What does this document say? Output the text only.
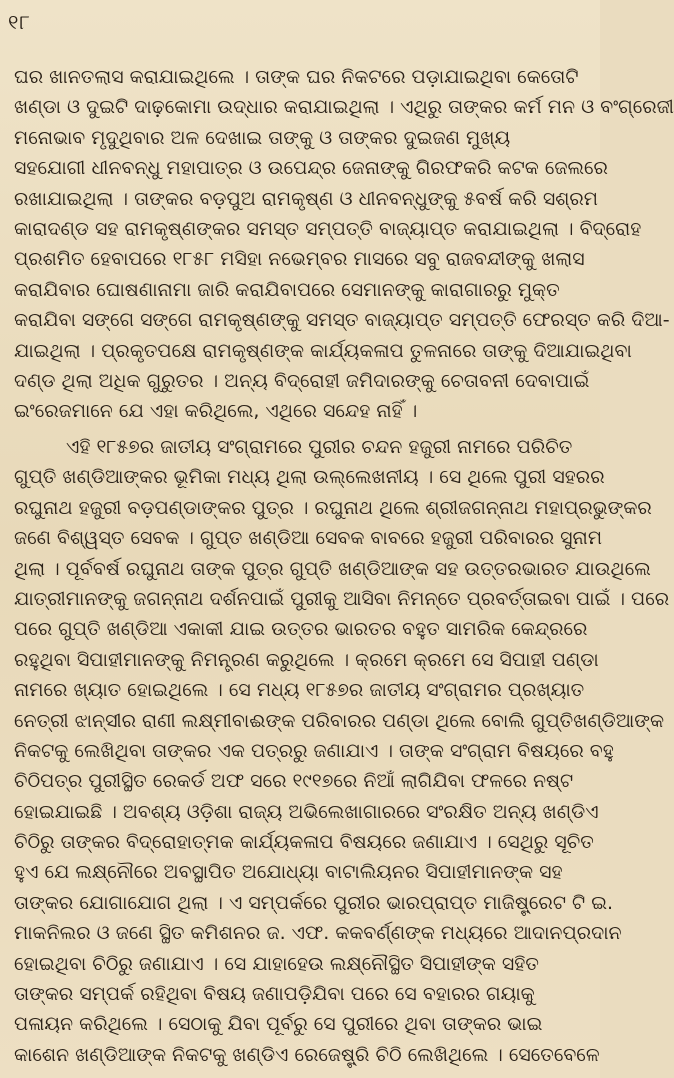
୧୮
ଘର ଖାନତଲାସ କରାଯାଇଥିଲେ । ତାଙ୍କ ଘର ନିକଟରେ ପଡ଼ାଯାଇଥିବା କେତୋଟି
ଖଣ୍ଡା ଓ ଦୁଇଟି ଦାଢ଼କୋମା ଉଦ୍ଧାର କରାଯାଇଥିଲା । ଏଥିରୁ ତାଙ୍କର କର୍ମ ମନ ଓ ବଂଗ୍ରେଜୀ
ମନୋଭାବ ମୃଦୁଥିବାର ଅଳ ଦେଖାଇ ତାଙ୍କୁ ଓ ତାଙ୍କର ଦୁଇଜଣ ମୁଖ୍ୟ
ସହଯୋଗୀ ଧୀନବନ୍ଧୁ ମହାପାତ୍ର ଓ ଉପେନ୍ଦ୍ର ଜେନାଙ୍କୁ ଗିରଫକରି କଟକ ଜେଲରେ
ରଖାଯାଇଥିଲା । ତାଙ୍କର ବଡ଼ପୁଅ ରାମକୃଷ୍ଣ ଓ ଧୀନବନ୍ଧୁଙ୍କୁ ୫ବର୍ଷ କରି ସଶ୍ରମ
କାରାଦଣ୍ଡ ସହ ରାମକୃଷ୍ଣଙ୍କର ସମସ୍ତ ସମ୍ପତ୍ତି ବାଜ୍ୟାପ୍ତ କରାଯାଇଥିଲା । ବିଦ୍ରୋହ
ପ୍ରଶମିତ ହେବାପରେ ୧୮୫୮ ମସିହା ନଭେମ୍ବର ମାସରେ ସବୁ ରାଜବନ୍ଦୀଙ୍କୁ ଖଲାସ
କରାଯିବାର ଘୋଷଣାନାମା ଜାରି କରାଯିବାପରେ ସେମାନଙ୍କୁ କାରାଗାରରୁ ମୁକ୍ତ
କରାଯିବା ସଙ୍ଗେ ସଙ୍ଗେ ରାମକୃଷ୍ଣଙ୍କୁ ସମସ୍ତ ବାଜ୍ୟାପ୍ତ ସମ୍ପତ୍ତି ଫେରସ୍ତ କରି ଦିଆ-
ଯାଇଥିଲା । ପ୍ରକୃତପକ୍ଷେ ରାମକୃଷ୍ଣଙ୍କ କାର୍ଯ୍ୟକଳାପ ତୁଳନାରେ ତାଙ୍କୁ ଦିଆଯାଇଥିବା
ଦଣ୍ଡ ଥିଲା ଅଧିକ ଗୁରୁତର । ଅନ୍ୟ ବିଦ୍ରୋହୀ ଜମିଦାରଙ୍କୁ ଚେତାବନୀ ଦେବାପାଇଁ
ଇଂରେଜମାନେ ଯେ ଏହା କରିଥିଲେ, ଏଥିରେ ସନ୍ଦେହ ନାହିଁ ।
ଏହି ୧୮୫୭ର ଜାତୀୟ ସଂଗ୍ରାମରେ ପୁରୀର ଚନ୍ଦନ ହଜୁରୀ ନାମରେ ପରିଚିତ
ଗୁପ୍ତି ଖଣ୍ଡିଆଙ୍କର ଭୂମିକା ମଧ୍ୟ ଥିଲା ଉଲ୍ଲେଖନୀୟ । ସେ ଥିଲେ ପୁରୀ ସହରର
ରଘୁନାଥ ହଜୁରୀ ବଡ଼ପଣ୍ଡାଙ୍କର ପୁତ୍ର । ରଘୁନାଥ ଥିଲେ ଶ୍ରୀଜଗନ୍ନାଥ ମହାପ୍ରଭୁଙ୍କର
ଜଣେ ବିଶ୍ୱସ୍ତ ସେବକ । ଗୁପ୍ତ ଖଣ୍ଡିଆ ସେବକ ବାବରେ ହଜୁରୀ ପରିବାରର ସୁନାମ
ଥିଲା । ପୂର୍ବବର୍ଷ ରଘୁନାଥ ତାଙ୍କ ପୁତ୍ର ଗୁପ୍ତି ଖଣ୍ଡିଆଙ୍କ ସହ ଉତ୍ତରଭାରତ ଯାଉଥିଲେ
ଯାତ୍ରୀମାନଙ୍କୁ ଜଗନ୍ନାଥ ଦର୍ଶନପାଇଁ ପୁରୀକୁ ଆସିବା ନିମନ୍ତେ ପ୍ରବର୍ତ୍ତାଇବା ପାଇଁ । ପରେ
ପରେ ଗୁପ୍ତି ଖଣ୍ଡିଆ ଏକାକୀ ଯାଇ ଉତ୍ତର ଭାରତର ବହୁତ ସାମରିକ କେନ୍ଦ୍ରରେ
ରହୁଥିବା ସିପାହୀମାନଙ୍କୁ ନିମନ୍ତ୍ରଣ କରୁଥିଲେ । କ୍ରମେ କ୍ରମେ ସେ ସିପାହୀ ପଣ୍ଡା
ନାମରେ ଖ୍ୟାତ ହୋଇଥିଲେ । ସେ ମଧ୍ୟ ୧୮୫୭ର ଜାତୀୟ ସଂଗ୍ରାମର ପ୍ରଖ୍ୟାତ
ନେତ୍ରୀ ଝାନ୍ସୀର ରାଣୀ ଲକ୍ଷ୍ମୀବାଈଙ୍କ ପରିବାରର ପଣ୍ଡା ଥିଲେ ବୋଲି ଗୁପ୍ତିଖଣ୍ଡିଆଙ୍କ
ନିକଟକୁ ଲେଖିଥିବା ତାଙ୍କର ଏକ ପତ୍ରରୁ ଜଣାଯାଏ । ତାଙ୍କ ସଂଗ୍ରାମ ବିଷୟରେ ବହୁ
ଚିଠିପତ୍ର ପୁରୀସ୍ଥିତ ରେକର୍ଡ ଅଫ ସରେ ୧୯୧୭ରେ ନିଆଁ ଲାଗିଯିବା ଫଳରେ ନଷ୍ଟ
ହୋଇଯାଇଛି । ଅବଶ୍ୟ ଓଡ଼ିଶା ରାଜ୍ୟ ଅଭିଲେଖାଗାରରେ ସଂରକ୍ଷିତ ଅନ୍ୟ ଖଣ୍ଡିଏ
ଚିଠିରୁ ତାଙ୍କର ବିଦ୍ରୋହାତ୍ମକ କାର୍ଯ୍ୟକଳାପ ବିଷୟରେ ଜଣାଯାଏ । ସେଥିରୁ ସୂଚିତ
ହୁଏ ଯେ ଲକ୍ଷ୍ନୌରେ ଅବସ୍ଥାପିତ ଅଯୋଧ୍ୟା ବାଟାଲିୟନର ସିପାହୀମାନଙ୍କ ସହ
ତାଙ୍କର ଯୋଗାଯୋଗ ଥିଲା । ଏ ସମ୍ପର୍କରେ ପୁରୀର ଭାରପ୍ରାପ୍ତ ମାଜିଷ୍ଟ୍ରେଟ ଟି ଇ.
ମାକନିଲର ଓ ଜଣେ ସ୍ଥିତ କମିଶନର ଜ. ଏଫ. କକବର୍ଣ୍ଣଙ୍କ ମଧ୍ୟରେ ଆଦାନପ୍ରଦାନ
ହୋଇଥିବା ଚିଠିରୁ ଜଣାଯାଏ । ସେ ଯାହାହେଉ ଲକ୍ଷ୍ନୌସ୍ଥିତ ସିପାହୀଙ୍କ ସହିତ
ତାଙ୍କର ସମ୍ପର୍କ ରହିଥିବା ବିଷୟ ଜଣାପଡ଼ିଯିବା ପରେ ସେ ବହାରର ଗୟାକୁ
ପଳାୟନ କରିଥିଲେ । ସେଠାକୁ ଯିବା ପୂର୍ବରୁ ସେ ପୁରୀରେ ଥିବା ତାଙ୍କର ଭାଇ
କାଶେନ ଖଣ୍ଡିଆଙ୍କ ନିକଟକୁ ଖଣ୍ଡିଏ ରେଜେଷ୍ଟ୍ରି ଚିଠି ଲେଖିଥିଲେ । ସେତେବେଳେ
